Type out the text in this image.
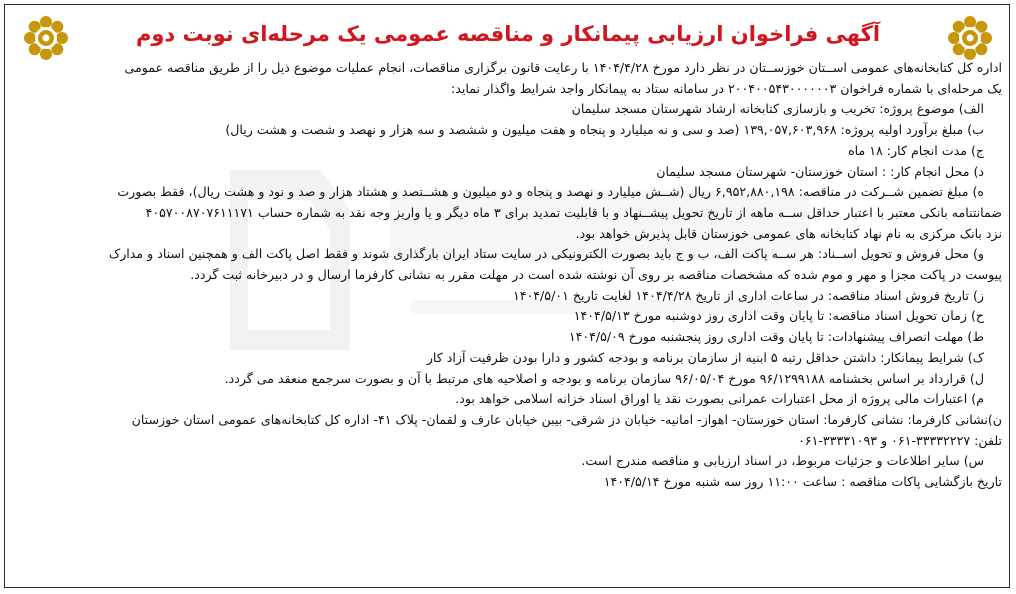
آگهی فراخوان ارزیابی پیمانکار و مناقصه عمومی یک مرحله‌ای نوبت دوم

اداره کل کتابخانه‌های عمومی اســتان خوزســتان در نظر دارد مورخ ۱۴۰۴/۴/۲۸ با رعایت قانون برگزاری مناقصات، انجام عملیات موضوع ذیل را از طریق مناقصه عمومی

یک مرحله‌ای با شماره فراخوان ۲۰۰۴۰۰۵۴۳۰۰۰۰۰۰۳ در سامانه ستاد به پیمانکار واجد شرایط واگذار نماید:

الف) موضوع پروژه: تخریب و بازسازی کتابخانه ارشاد شهرستان مسجد سلیمان

ب) مبلغ برآورد اولیه پروژه: ۱۳۹,۰۵۷,۶۰۳,۹۶۸ (صد و سی و نه میلیارد و پنجاه و هفت میلیون و ششصد و سه هزار و نهصد و شصت و هشت ریال)

ج) مدت انجام کار: ۱۸ ماه

د) محل انجام کار: : استان خوزستان- شهرستان مسجد سلیمان

ه) مبلغ تضمین شــرکت در مناقصه: ۶,۹۵۲,۸۸۰,۱۹۸ ریال (شــش میلیارد و نهصد و پنجاه و دو میلیون و هشــتصد و هشتاد هزار و صد و نود و هشت ریال)، فقط بصورت

ضمانتنامه بانکی معتبر با اعتبار حداقل ســه ماهه از تاریخ تحویل پیشــنهاد و با قابلیت تمدید برای ۳ ماه دیگر و یا واریز وجه نقد به شماره حساب ۴۰۵۷۰۰۸۷۰۷۶۱۱۱۷۱

نزد بانک مرکزی به نام نهاد کتابخانه های عمومی خوزستان قابل پذیرش خواهد بود.

و) محل فروش و تحویل اســناد: هر ســه پاکت الف، ب و ج باید بصورت الکترونیکی در سایت ستاد ایران بارگذاری شوند و فقط اصل پاکت الف و همچنین اسناد و مدارک

پیوست در پاکت مجزا و مهر و موم شده که مشخصات مناقصه بر روی آن نوشته شده است در مهلت مقرر به نشانی کارفرما ارسال و در دبیرخانه ثبت گردد.

ز) تاریخ فروش اسناد مناقصه: در ساعات اداری از تاریخ ۱۴۰۴/۴/۲۸ لغایت تاریخ ۱۴۰۴/۵/۰۱

ح) زمان تحویل اسناد مناقصه: تا پایان وقت اداری روز دوشنبه مورخ ۱۴۰۴/۵/۱۳

ط) مهلت انصراف پیشنهادات: تا پایان وقت اداری روز پنجشنبه مورخ ۱۴۰۴/۵/۰۹

ک) شرایط پیمانکار: داشتن حداقل رتبه ۵ ابنیه از سازمان برنامه و بودجه کشور و دارا بودن ظرفیت آزاد کار

ل) قرارداد بر اساس بخشنامه ۹۶/۱۲۹۹۱۸۸ مورخ ۹۶/۰۵/۰۴ سازمان برنامه و بودجه و اصلاحیه های مرتبط با آن و بصورت سرجمع منعقد می گردد.

م) اعتبارات مالی پروژه از محل اعتبارات عمرانی بصورت نقد یا اوراق اسناد خزانه اسلامی خواهد بود.

ن)نشانی کارفرما: نشانی کارفرما: استان خوزستان- اهواز- امانیه- خیابان دز شرقی- بیبن خیابان عارف و لقمان- پلاک ۴۱- اداره کل کتابخانه‌های عمومی استان خوزستان

تلفن: ۳۳۳۳۲۲۲۷-۰۶۱ و ۳۳۳۳۱۰۹۳-۰۶۱

س) سایر اطلاعات و جزئیات مربوط، در اسناد ارزیابی و مناقصه مندرج است.

تاریخ بازگشایی پاکات مناقصه : ساعت ۱۱:۰۰ روز سه شنبه مورخ ۱۴۰۴/۵/۱۴
